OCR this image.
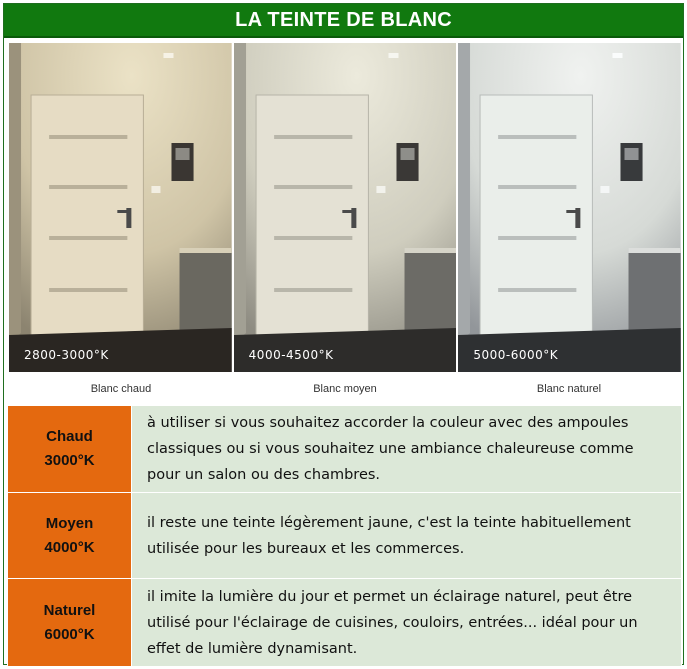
LA TEINTE DE BLANC
2800-3000°K	4000-4500°K	5000-6000°K
Blanc chaud	Blanc moyen	Blanc naturel
Chaud
3000°K	à utiliser si vous souhaitez accorder la couleur avec des ampoules classiques ou si vous souhaitez une ambiance chaleureuse comme pour un salon ou des chambres.

Moyen
4000°K	il reste une teinte légèrement jaune, c'est la teinte habituellement utilisée pour les bureaux et les commerces.

Naturel
6000°K	il imite la lumière du jour et permet un éclairage naturel, peut être utilisé pour l'éclairage de cuisines, couloirs, entrées... idéal pour un effet de lumière dynamisant.
